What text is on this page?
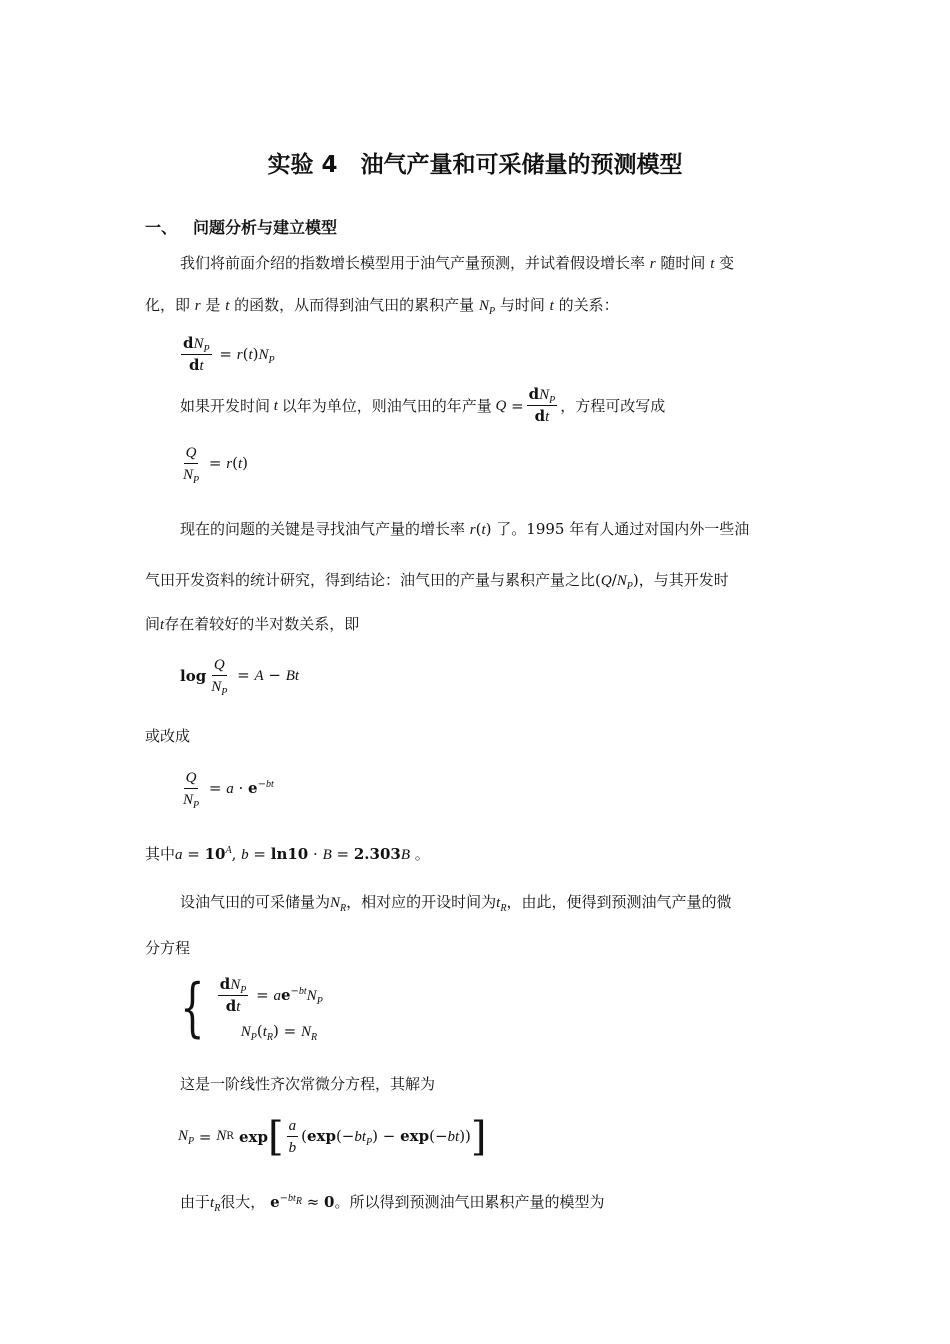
实验 4　油气产量和可采储量的预测模型
一、 问题分析与建立模型
我们将前面介绍的指数增长模型用于油气产量预测，并试着假设增长率 r 随时间 t 变
化，即 r 是 t 的函数，从而得到油气田的累积产量 $N_P$ 与时间 t 的关系：
$\frac{dN_P}{dt} = r(t)N_P$
如果开发时间 t 以年为单位，则油气田的年产量 $Q = \frac{dN_P}{dt}$ ，方程可改写成
$\frac{Q}{N_P} = r(t)$
现在的问题的关键是寻找油气产量的增长率 r(t) 了。1995 年有人通过对国内外一些油
气田开发资料的统计研究，得到结论：油气田的产量与累积产量之比$(Q/N_P)$，与其开发时
间t存在着较好的半对数关系，即
$\log \frac{Q}{N_P} = A - Bt$
或改成
$\frac{Q}{N_P} = a \cdot e^{-bt}$
其中$a = 10^A$, b = ln10 · B = 2.303B 。
设油气田的可采储量为$N_R$，相对应的开设时间为$t_R$，由此，便得到预测油气产量的微
分方程
{ $\frac{dN_P}{dt} = ae^{-bt}N_P$
$N_P(t_R) = N_R$
这是一阶线性齐次常微分方程，其解为
$N_P = N$ R exp [ $\frac{a}{b} (\exp(-bt_P) - \exp(-bt))$ ]
由于$t_R$很大， $e^{-bt_R} \approx 0$。所以得到预测油气田累积产量的模型为
